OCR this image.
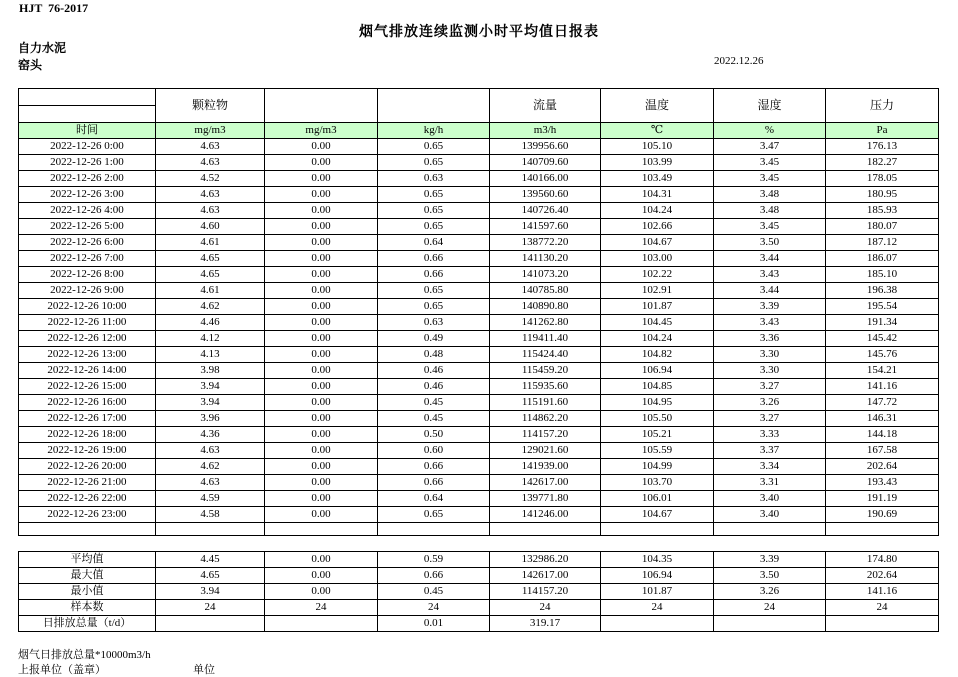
HJT  76-2017
烟气排放连续监测小时平均值日报表
自力水泥
窑头	2022.12.26
	颗粒物			流量	温度	湿度	压力

时间	mg/m3	mg/m3	kg/h	m3/h	℃	%	Pa
2022-12-26 0:00	4.63	0.00	0.65	139956.60	105.10	3.47	176.13
2022-12-26 1:00	4.63	0.00	0.65	140709.60	103.99	3.45	182.27
2022-12-26 2:00	4.52	0.00	0.63	140166.00	103.49	3.45	178.05
2022-12-26 3:00	4.63	0.00	0.65	139560.60	104.31	3.48	180.95
2022-12-26 4:00	4.63	0.00	0.65	140726.40	104.24	3.48	185.93
2022-12-26 5:00	4.60	0.00	0.65	141597.60	102.66	3.45	180.07
2022-12-26 6:00	4.61	0.00	0.64	138772.20	104.67	3.50	187.12
2022-12-26 7:00	4.65	0.00	0.66	141130.20	103.00	3.44	186.07
2022-12-26 8:00	4.65	0.00	0.66	141073.20	102.22	3.43	185.10
2022-12-26 9:00	4.61	0.00	0.65	140785.80	102.91	3.44	196.38
2022-12-26 10:00	4.62	0.00	0.65	140890.80	101.87	3.39	195.54
2022-12-26 11:00	4.46	0.00	0.63	141262.80	104.45	3.43	191.34
2022-12-26 12:00	4.12	0.00	0.49	119411.40	104.24	3.36	145.42
2022-12-26 13:00	4.13	0.00	0.48	115424.40	104.82	3.30	145.76
2022-12-26 14:00	3.98	0.00	0.46	115459.20	106.94	3.30	154.21
2022-12-26 15:00	3.94	0.00	0.46	115935.60	104.85	3.27	141.16
2022-12-26 16:00	3.94	0.00	0.45	115191.60	104.95	3.26	147.72
2022-12-26 17:00	3.96	0.00	0.45	114862.20	105.50	3.27	146.31
2022-12-26 18:00	4.36	0.00	0.50	114157.20	105.21	3.33	144.18
2022-12-26 19:00	4.63	0.00	0.60	129021.60	105.59	3.37	167.58
2022-12-26 20:00	4.62	0.00	0.66	141939.00	104.99	3.34	202.64
2022-12-26 21:00	4.63	0.00	0.66	142617.00	103.70	3.31	193.43
2022-12-26 22:00	4.59	0.00	0.64	139771.80	106.01	3.40	191.19
2022-12-26 23:00	4.58	0.00	0.65	141246.00	104.67	3.40	190.69

平均值	4.45	0.00	0.59	132986.20	104.35	3.39	174.80
最大值	4.65	0.00	0.66	142617.00	106.94	3.50	202.64
最小值	3.94	0.00	0.45	114157.20	101.87	3.26	141.16
样本数	24	24	24	24	24	24	24
日排放总量（t/d）			0.01	319.17			
烟气日排放总量*10000m3/h
上报单位（盖章）	单位
